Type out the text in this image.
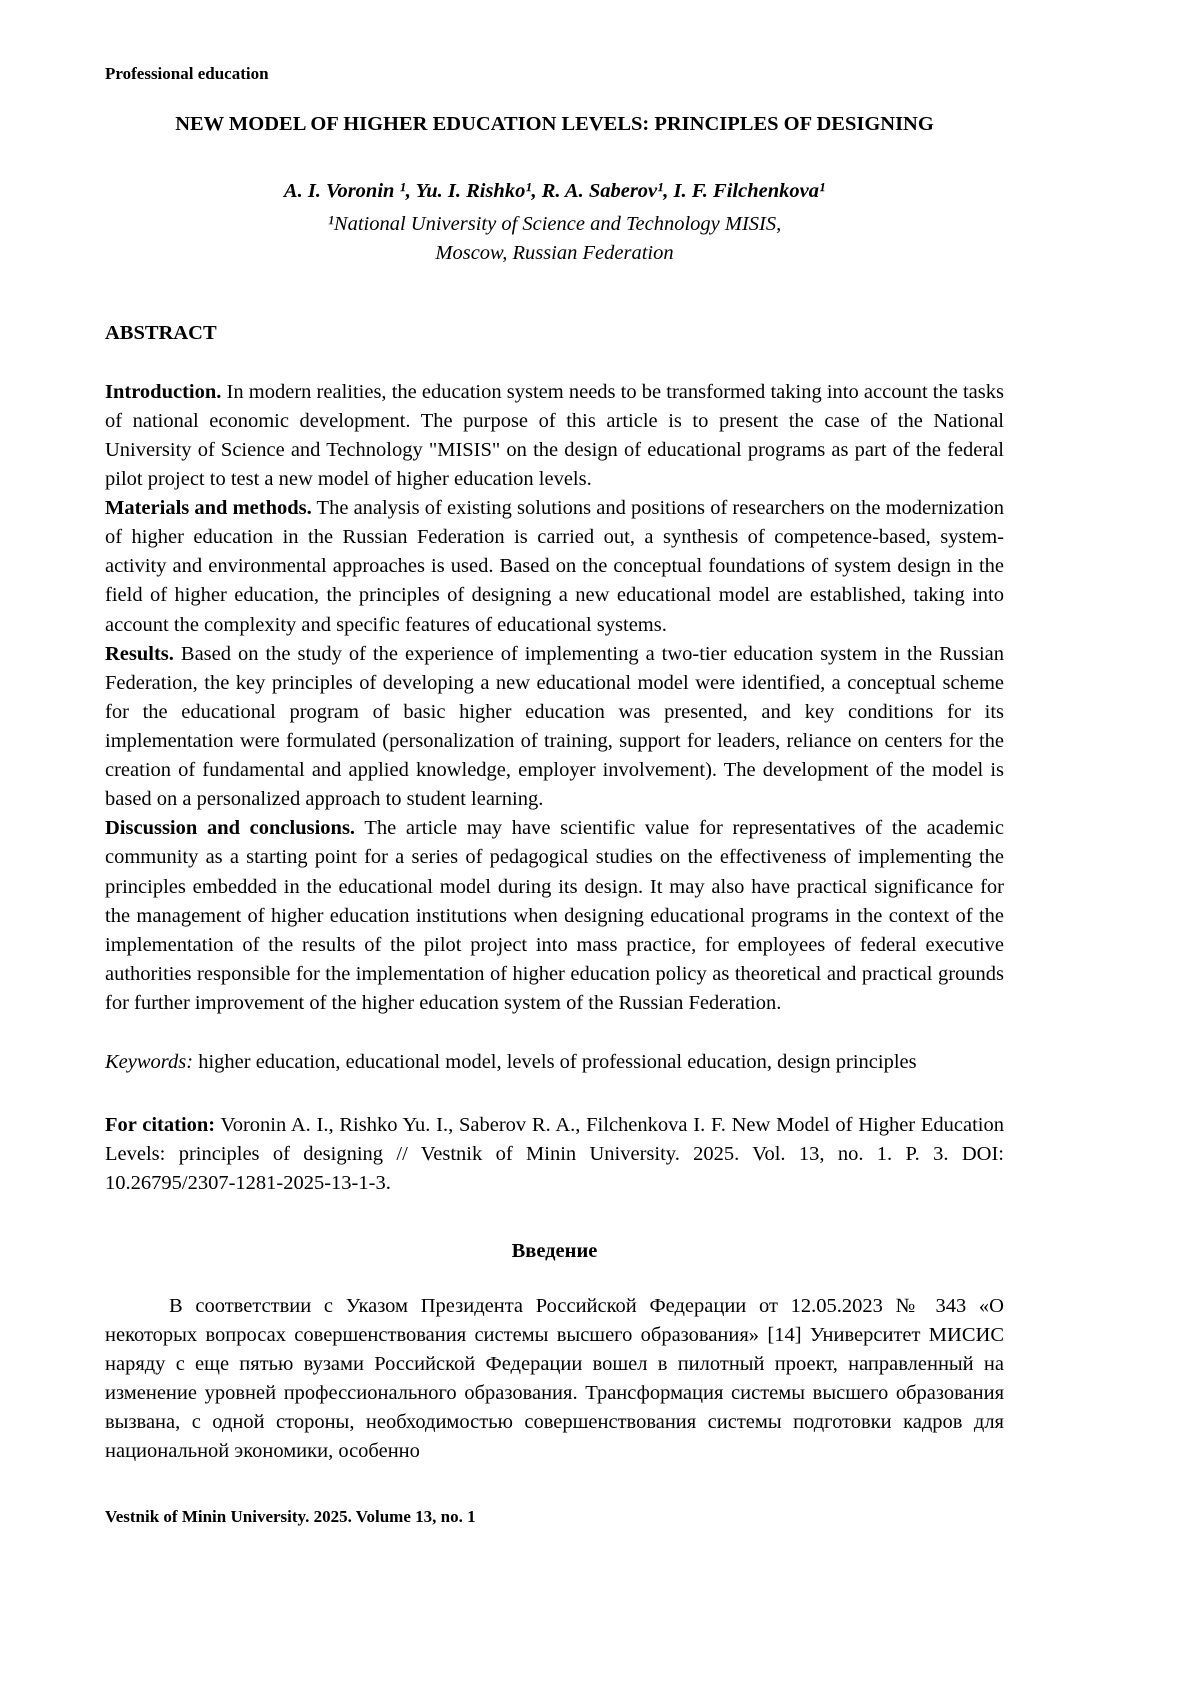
Professional education
NEW MODEL OF HIGHER EDUCATION LEVELS: PRINCIPLES OF DESIGNING
A. I. Voronin ¹, Yu. I. Rishko¹, R. A. Saberov¹, I. F. Filchenkova¹
¹National University of Science and Technology MISIS,
Moscow, Russian Federation
ABSTRACT

Introduction. In modern realities, the education system needs to be transformed taking into account the tasks of national economic development. The purpose of this article is to present the case of the National University of Science and Technology "MISIS" on the design of educational programs as part of the federal pilot project to test a new model of higher education levels.

Materials and methods. The analysis of existing solutions and positions of researchers on the modernization of higher education in the Russian Federation is carried out, a synthesis of competence-based, system-activity and environmental approaches is used. Based on the conceptual foundations of system design in the field of higher education, the principles of designing a new educational model are established, taking into account the complexity and specific features of educational systems.

Results. Based on the study of the experience of implementing a two-tier education system in the Russian Federation, the key principles of developing a new educational model were identified, a conceptual scheme for the educational program of basic higher education was presented, and key conditions for its implementation were formulated (personalization of training, support for leaders, reliance on centers for the creation of fundamental and applied knowledge, employer involvement). The development of the model is based on a personalized approach to student learning.

Discussion and conclusions. The article may have scientific value for representatives of the academic community as a starting point for a series of pedagogical studies on the effectiveness of implementing the principles embedded in the educational model during its design. It may also have practical significance for the management of higher education institutions when designing educational programs in the context of the implementation of the results of the pilot project into mass practice, for employees of federal executive authorities responsible for the implementation of higher education policy as theoretical and practical grounds for further improvement of the higher education system of the Russian Federation.

Keywords: higher education, educational model, levels of professional education, design principles

For citation: Voronin A. I., Rishko Yu. I., Saberov R. A., Filchenkova I. F. New Model of Higher Education Levels: principles of designing // Vestnik of Minin University. 2025. Vol. 13, no. 1. P. 3. DOI: 10.26795/2307-1281-2025-13-1-3.

Введение

В соответствии с Указом Президента Российской Федерации от 12.05.2023 № 343 «О некоторых вопросах совершенствования системы высшего образования» [14] Университет МИСИС наряду с еще пятью вузами Российской Федерации вошел в пилотный проект, направленный на изменение уровней профессионального образования. Трансформация системы высшего образования вызвана, с одной стороны, необходимостью совершенствования системы подготовки кадров для национальной экономики, особенно

Vestnik of Minin University. 2025. Volume 13, no. 1
